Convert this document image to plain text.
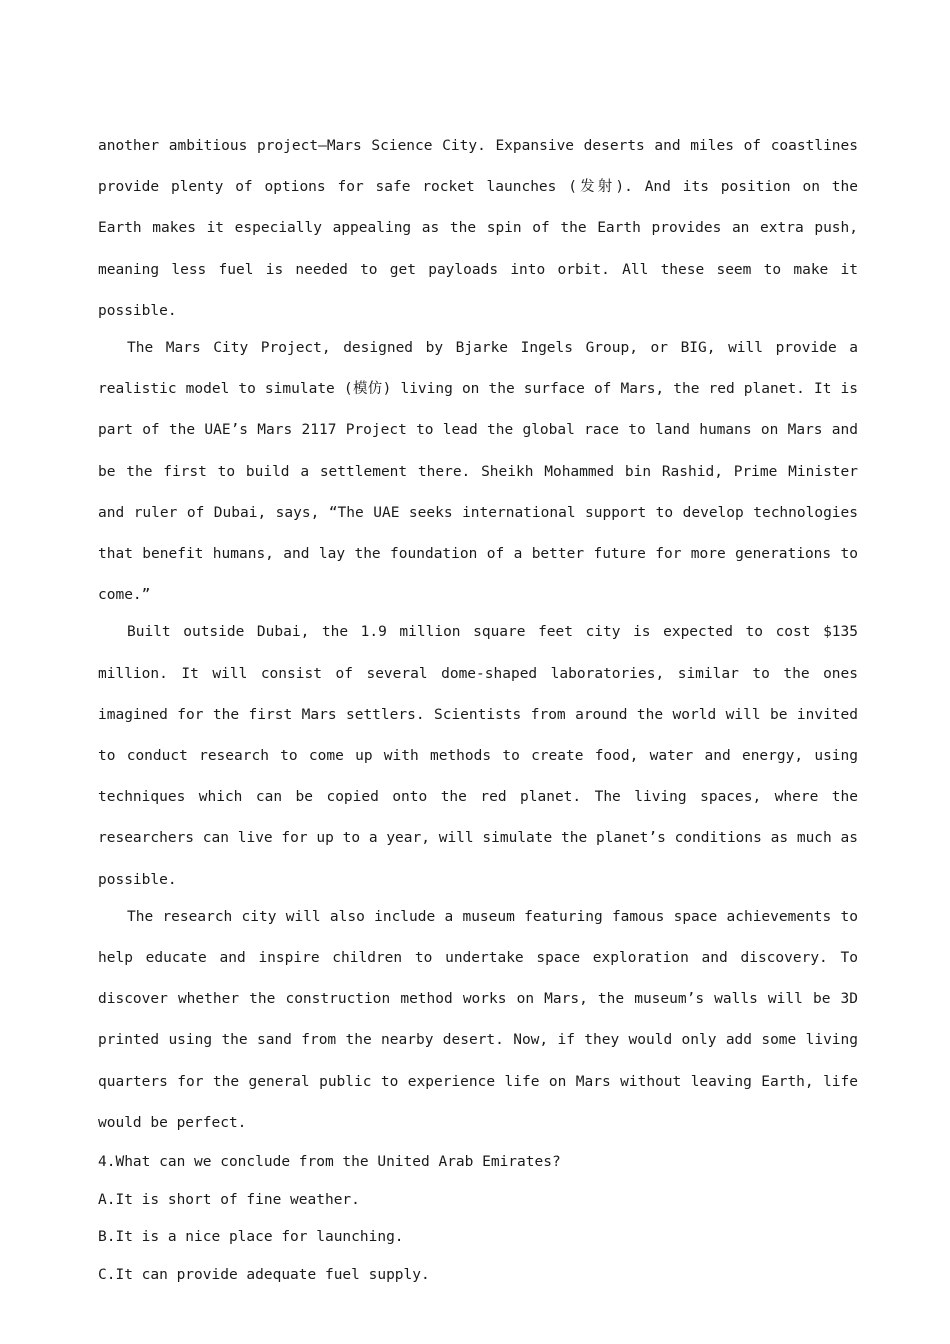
another ambitious project—Mars Science City. Expansive deserts and miles of coastlines provide plenty of options for safe rocket launches (发射). And its position on the Earth makes it especially appealing as the spin of the Earth provides an extra push, meaning less fuel is needed to get payloads into orbit. All these seem to make it possible.

The Mars City Project, designed by Bjarke Ingels Group, or BIG, will provide a realistic model to simulate (模仿) living on the surface of Mars, the red planet. It is part of the UAE’s Mars 2117 Project to lead the global race to land humans on Mars and be the first to build a settlement there. Sheikh Mohammed bin Rashid, Prime Minister and ruler of Dubai, says, “The UAE seeks international support to develop technologies that benefit humans, and lay the foundation of a better future for more generations to come.”

Built outside Dubai, the 1.9 million square feet city is expected to cost $135 million. It will consist of several dome-shaped laboratories, similar to the ones imagined for the first Mars settlers. Scientists from around the world will be invited to conduct research to come up with methods to create food, water and energy, using techniques which can be copied onto the red planet. The living spaces, where the researchers can live for up to a year, will simulate the planet’s conditions as much as possible.

The research city will also include a museum featuring famous space achievements to help educate and inspire children to undertake space exploration and discovery. To discover whether the construction method works on Mars, the museum’s walls will be 3D printed using the sand from the nearby desert. Now, if they would only add some living quarters for the general public to experience life on Mars without leaving Earth, life would be perfect.

4.What can we conclude from the United Arab Emirates?

A.It is short of fine weather.

B.It is a nice place for launching.

C.It can provide adequate fuel supply.
